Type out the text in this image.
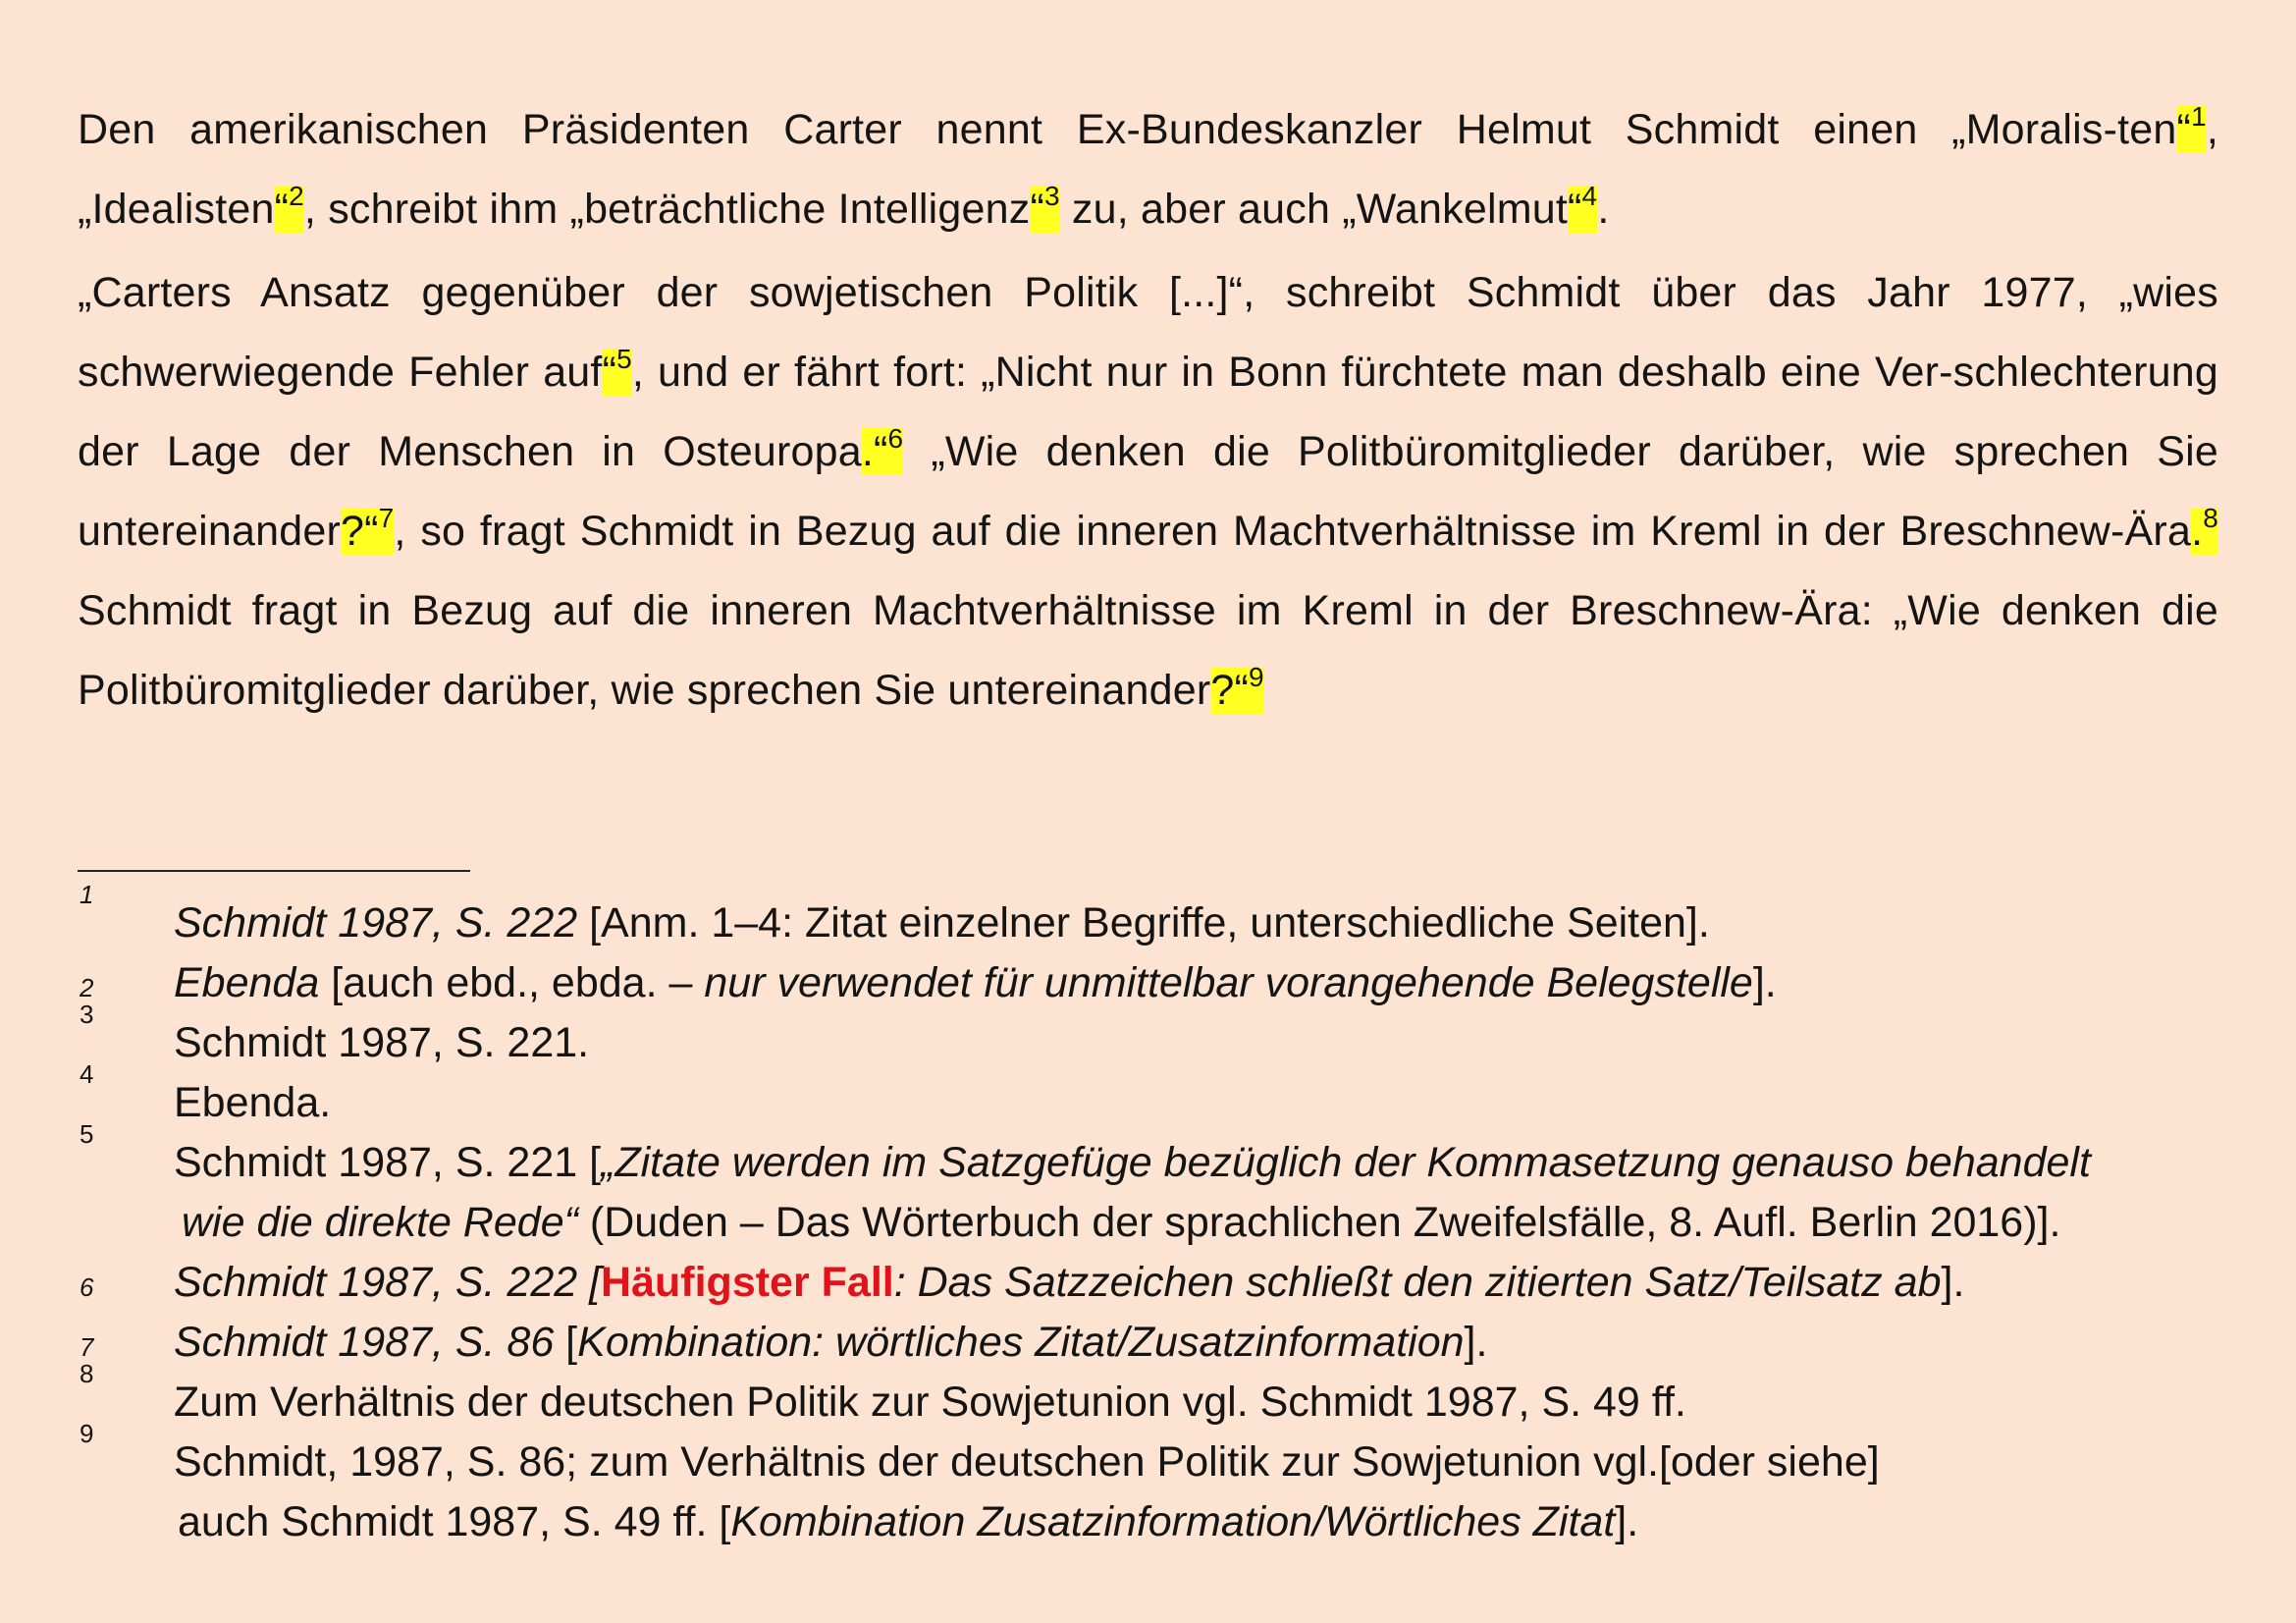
Den amerikanischen Präsidenten Carter nennt Ex-Bundeskanzler Helmut Schmidt einen „Moralis-ten“$^1$, „Idealisten“$^2$, schreibt ihm „beträchtliche Intelligenz“$^3$ zu, aber auch „Wankelmut“$^4$.

„Carters Ansatz gegenüber der sowjetischen Politik [...]“, schreibt Schmidt über das Jahr 1977, „wies schwerwiegende Fehler auf“$^5$, und er fährt fort: „Nicht nur in Bonn fürchtete man deshalb eine Ver-schlechterung der Lage der Menschen in Osteuropa.“$^6$ „Wie denken die Politbüromitglieder darüber, wie sprechen Sie untereinander?“$^7$, so fragt Schmidt in Bezug auf die inneren Machtverhältnisse im Kreml in der Breschnew-Ära.$^8$ Schmidt fragt in Bezug auf die inneren Machtverhältnisse im Kreml in der Breschnew-Ära: „Wie denken die Politbüromitglieder darüber, wie sprechen Sie untereinander?“$^9$

1
Schmidt 1987, S. 222 [Anm. 1–4: Zitat einzelner Begriffe, unterschiedliche Seiten].
2 Ebenda [auch ebd., ebda. – nur verwendet für unmittelbar vorangehende Belegstelle].
3
Schmidt 1987, S. 221.
4
Ebenda.
5
Schmidt 1987, S. 221 [„Zitate werden im Satzgefüge bezüglich der Kommasetzung genauso behandelt
wie die direkte Rede“ (Duden – Das Wörterbuch der sprachlichen Zweifelsfälle, 8. Aufl. Berlin 2016)].
6 Schmidt 1987, S. 222 [Häufigster Fall: Das Satzzeichen schließt den zitierten Satz/Teilsatz ab].
7 Schmidt 1987, S. 86 [Kombination: wörtliches Zitat/Zusatzinformation].
8
Zum Verhältnis der deutschen Politik zur Sowjetunion vgl. Schmidt 1987, S. 49 ff.
9
Schmidt, 1987, S. 86; zum Verhältnis der deutschen Politik zur Sowjetunion vgl.[oder siehe]
auch Schmidt 1987, S. 49 ff. [Kombination Zusatzinformation/Wörtliches Zitat].
